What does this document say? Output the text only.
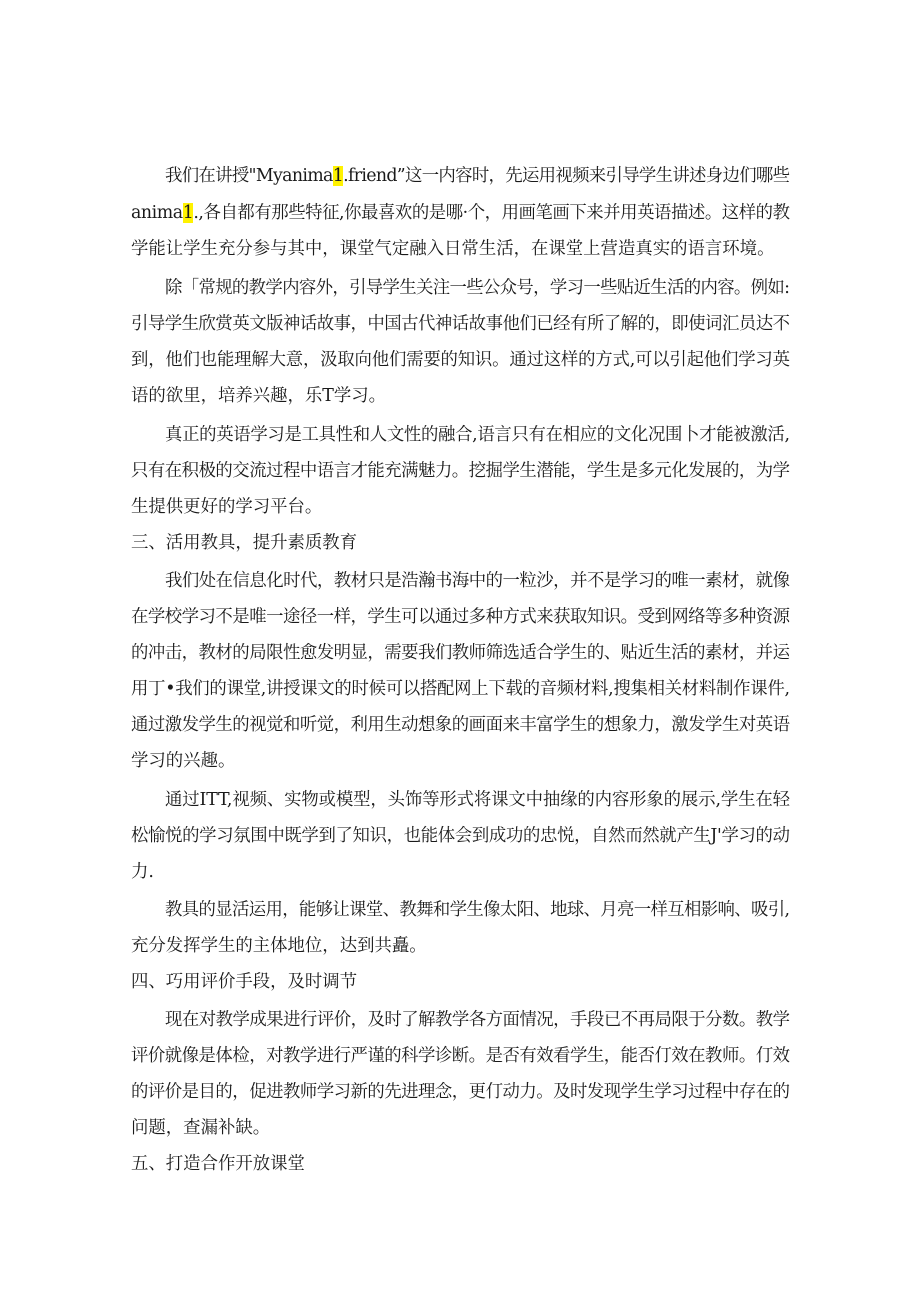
我们在讲授"Myanima1.friend”这一内容时，先运用视频来引导学生讲述身边们哪些
anima1.,各自都有那些特征,你最喜欢的是哪·个，用画笔画下来并用英语描述。这样的教
学能让学生充分参与其中，课堂气定融入日常生活，在课堂上营造真实的语言环境。
除「常规的教学内容外，引导学生关注一些公众号，学习一些贴近生活的内容。例如:
引导学生欣赏英文版神话故事，中国古代神话故事他们已经有所了解的，即使词汇员达不
到，他们也能理解大意，汲取向他们需要的知识。通过这样的方式,可以引起他们学习英
语的欲里，培养兴趣，乐T学习。
真正的英语学习是工具性和人文性的融合,语言只有在相应的文化况围卜才能被激活,
只有在积极的交流过程中语言才能充满魅力。挖掘学生潜能，学生是多元化发展的，为学
生提供更好的学习平台。
三、活用教具，提升素质教育
我们处在信息化时代，教材只是浩瀚书海中的一粒沙，并不是学习的唯一素材，就像
在学校学习不是唯一途径一样，学生可以通过多种方式来获取知识。受到网络等多种资源
的冲击，教材的局限性愈发明显，需要我们教师筛选适合学生的、贴近生活的素材，并运
用丁•我们的课堂,讲授课文的时候可以搭配网上下载的音频材料,搜集相关材料制作课件,
通过激发学生的视觉和听觉，利用生动想象的画面来丰富学生的想象力，激发学生对英语
学习的兴趣。
通过ITT,视频、实物或模型，头饰等形式将课文中抽缘的内容形象的展示,学生在轻
松愉悦的学习氛围中既学到了知识，也能体会到成功的忠悦，自然而然就产生J'学习的动
力.
教具的显活运用，能够让课堂、教舞和学生像太阳、地球、月亮一样互相影响、吸引,
充分发挥学生的主体地位，达到共矗。
四、巧用评价手段，及时调节
现在对教学成果进行评价，及时了解教学各方面情况，手段已不再局限于分数。教学
评价就像是体检，对教学进行严谨的科学诊断。是否有效看学生，能否仃效在教师。仃效
的评价是目的，促进教师学习新的先进理念，更仃动力。及时发现学生学习过程中存在的
问题，查漏补缺。
五、打造合作开放课堂
